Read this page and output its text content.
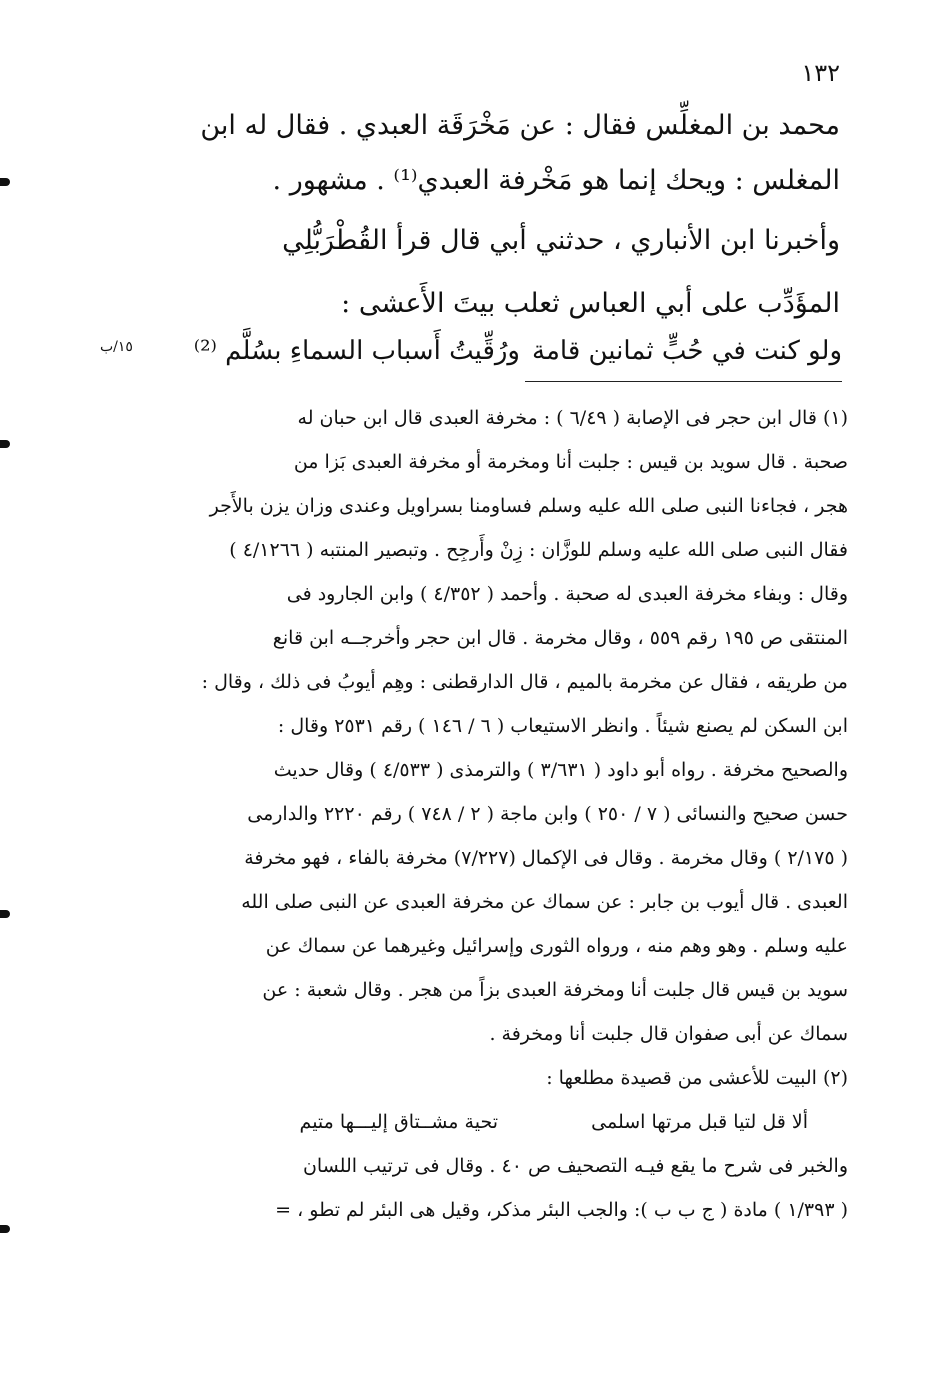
١٣٢
محمد بن المغلِّس فقال : عن مَخْرَقَة العبدي . فقال له ابن
المغلس : ويحك إنما هو مَخْرفة العبدي⁽¹⁾ . مشهور .
وأخبرنا ابن الأنباري ، حدثني أبي قال قرأ القُطْرَبُّلِي
المؤَدِّب على أبي العباس ثعلب بيتَ الأَعشى :
ولو كنت في حُبٍّ ثمانين قامة
ورُقِّيتُ أَسباب السماءِ بسُلَّم ⁽²⁾
١٥/ب
(١) قال ابن حجر فى الإصابة ( ٦/٤٩ ) : مخرفة العبدى قال ابن حبان له
صحبة . قال سويد بن قيس : جلبت أنا ومخرمة أو مخرفة العبدى بَزا من
هجر ، فجاءنا النبى صلى الله عليه وسلم فساومنا بسراويل وعندى وزان يزن بالأَجر
فقال النبى صلى الله عليه وسلم للوزَّان : زِنْ وأَرجِح . وتبصير المنتبه ( ٤/١٢٦٦ )
وقال : وبفاء مخرفة العبدى له صحبة . وأحمد ( ٤/٣٥٢ ) وابن الجارود فى
المنتقى ص ١٩٥ رقم ٥٥٩ ، وقال مخرمة . قال ابن حجر وأخرجــه ابن قانع
من طريقه ، فقال عن مخرمة بالميم ، قال الدارقطنى : وهِم أيوبُ فى ذلك ، وقال :
ابن السكن لم يصنع شيئاً . وانظر الاستيعاب ( ٦ / ١٤٦ ) رقم ٢٥٣١ وقال :
والصحيح مخرفة . رواه أبو داود ( ٣/٦٣١ ) والترمذى ( ٤/٥٣٣ ) وقال حديث
حسن صحيح والنسائى ( ٧ / ٢٥٠ ) وابن ماجة ( ٢ / ٧٤٨ ) رقم ٢٢٢٠ والدارمى
( ٢/١٧٥ ) وقال مخرمة . وقال فى الإكمال (٧/٢٢٧) مخرفة بالفاء ، فهو مخرفة
العبدى . قال أيوب بن جابر : عن سماك عن مخرفة العبدى عن النبى صلى الله
عليه وسلم . وهو وهم منه ، ورواه الثورى وإسرائيل وغيرهما عن سماك عن
سويد بن قيس قال جلبت أنا ومخرفة العبدى بزاً من هجر . وقال شعبة : عن
سماك عن أبى صفوان قال جلبت أنا ومخرفة .
(٢) البيت للأعشى من قصيدة مطلعها :
ألا قل لتيا قبل مرتها اسلمى
تحية مشــتاق إليـــها متيم
والخبر فى شرح ما يقع فيـه التصحيف ص ٤٠ . وقال فى ترتيب اللسان
( ١/٣٩٣ ) مادة ( ج ب ب ): والجب البئر مذكر، وقيل هى البئر لم تطو ، =
